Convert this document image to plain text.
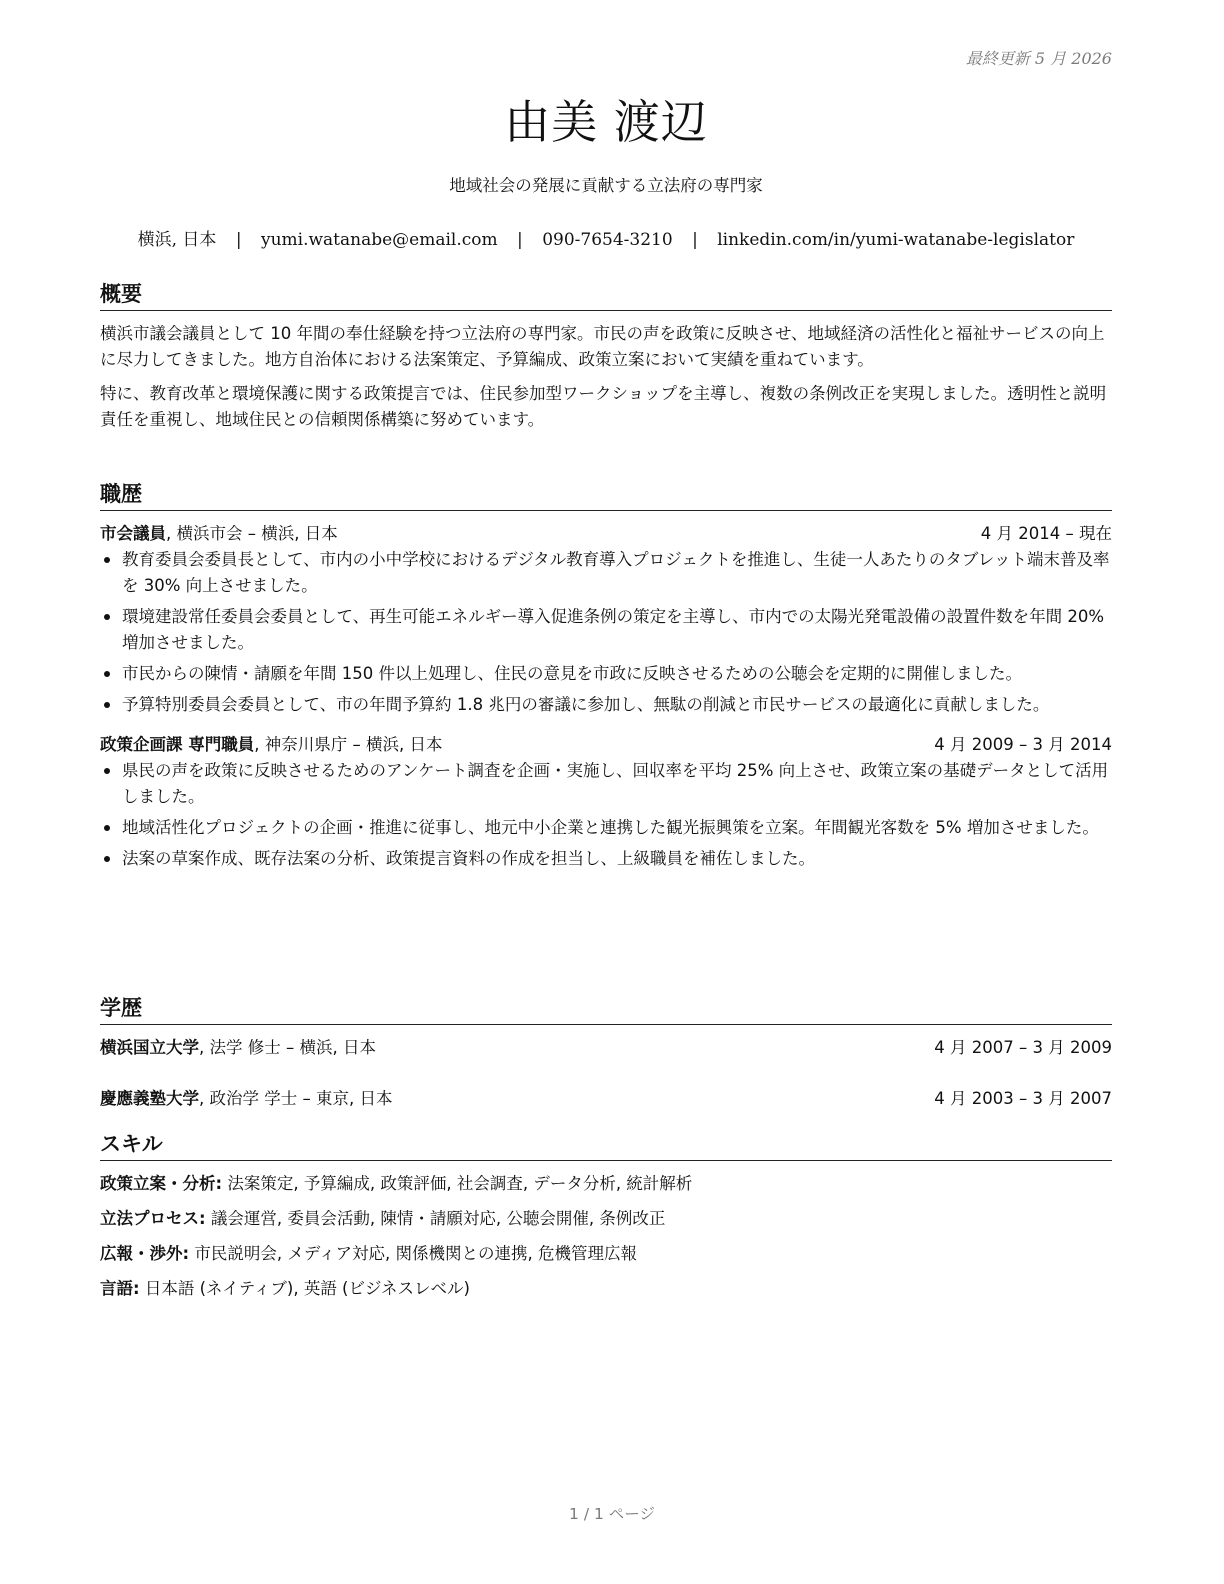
最終更新 5 月 2026
由美 渡辺
地域社会の発展に貢献する立法府の専門家
横浜, 日本 | yumi.watanabe@email.com | 090-7654-3210 | linkedin.com/in/yumi-watanabe-legislator
概要

横浜市議会議員として 10 年間の奉仕経験を持つ立法府の専門家。市民の声を政策に反映させ、地域経済の活性化と福祉サービスの向上に尽力してきました。地方自治体における法案策定、予算編成、政策立案において実績を重ねています。

特に、教育改革と環境保護に関する政策提言では、住民参加型ワークショップを主導し、複数の条例改正を実現しました。透明性と説明責任を重視し、地域住民との信頼関係構築に努めています。

職歴
市会議員, 横浜市会 – 横浜, 日本	4 月 2014 – 現在
教育委員会委員長として、市内の小中学校におけるデジタル教育導入プロジェクトを推進し、生徒一人あたりのタブレット端末普及率を 30% 向上させました。
環境建設常任委員会委員として、再生可能エネルギー導入促進条例の策定を主導し、市内での太陽光発電設備の設置件数を年間 20% 増加させました。
市民からの陳情・請願を年間 150 件以上処理し、住民の意見を市政に反映させるための公聴会を定期的に開催しました。
予算特別委員会委員として、市の年間予算約 1.8 兆円の審議に参加し、無駄の削減と市民サービスの最適化に貢献しました。
政策企画課 専門職員, 神奈川県庁 – 横浜, 日本	4 月 2009 – 3 月 2014
県民の声を政策に反映させるためのアンケート調査を企画・実施し、回収率を平均 25% 向上させ、政策立案の基礎データとして活用しました。
地域活性化プロジェクトの企画・推進に従事し、地元中小企業と連携した観光振興策を立案。年間観光客数を 5% 増加させました。
法案の草案作成、既存法案の分析、政策提言資料の作成を担当し、上級職員を補佐しました。
学歴
横浜国立大学, 法学 修士 – 横浜, 日本	4 月 2007 – 3 月 2009
慶應義塾大学, 政治学 学士 – 東京, 日本	4 月 2003 – 3 月 2007
スキル
政策立案・分析: 法案策定, 予算編成, 政策評価, 社会調査, データ分析, 統計解析
立法プロセス: 議会運営, 委員会活動, 陳情・請願対応, 公聴会開催, 条例改正
広報・渉外: 市民説明会, メディア対応, 関係機関との連携, 危機管理広報
言語: 日本語 (ネイティブ), 英語 (ビジネスレベル)
1 / 1 ページ
